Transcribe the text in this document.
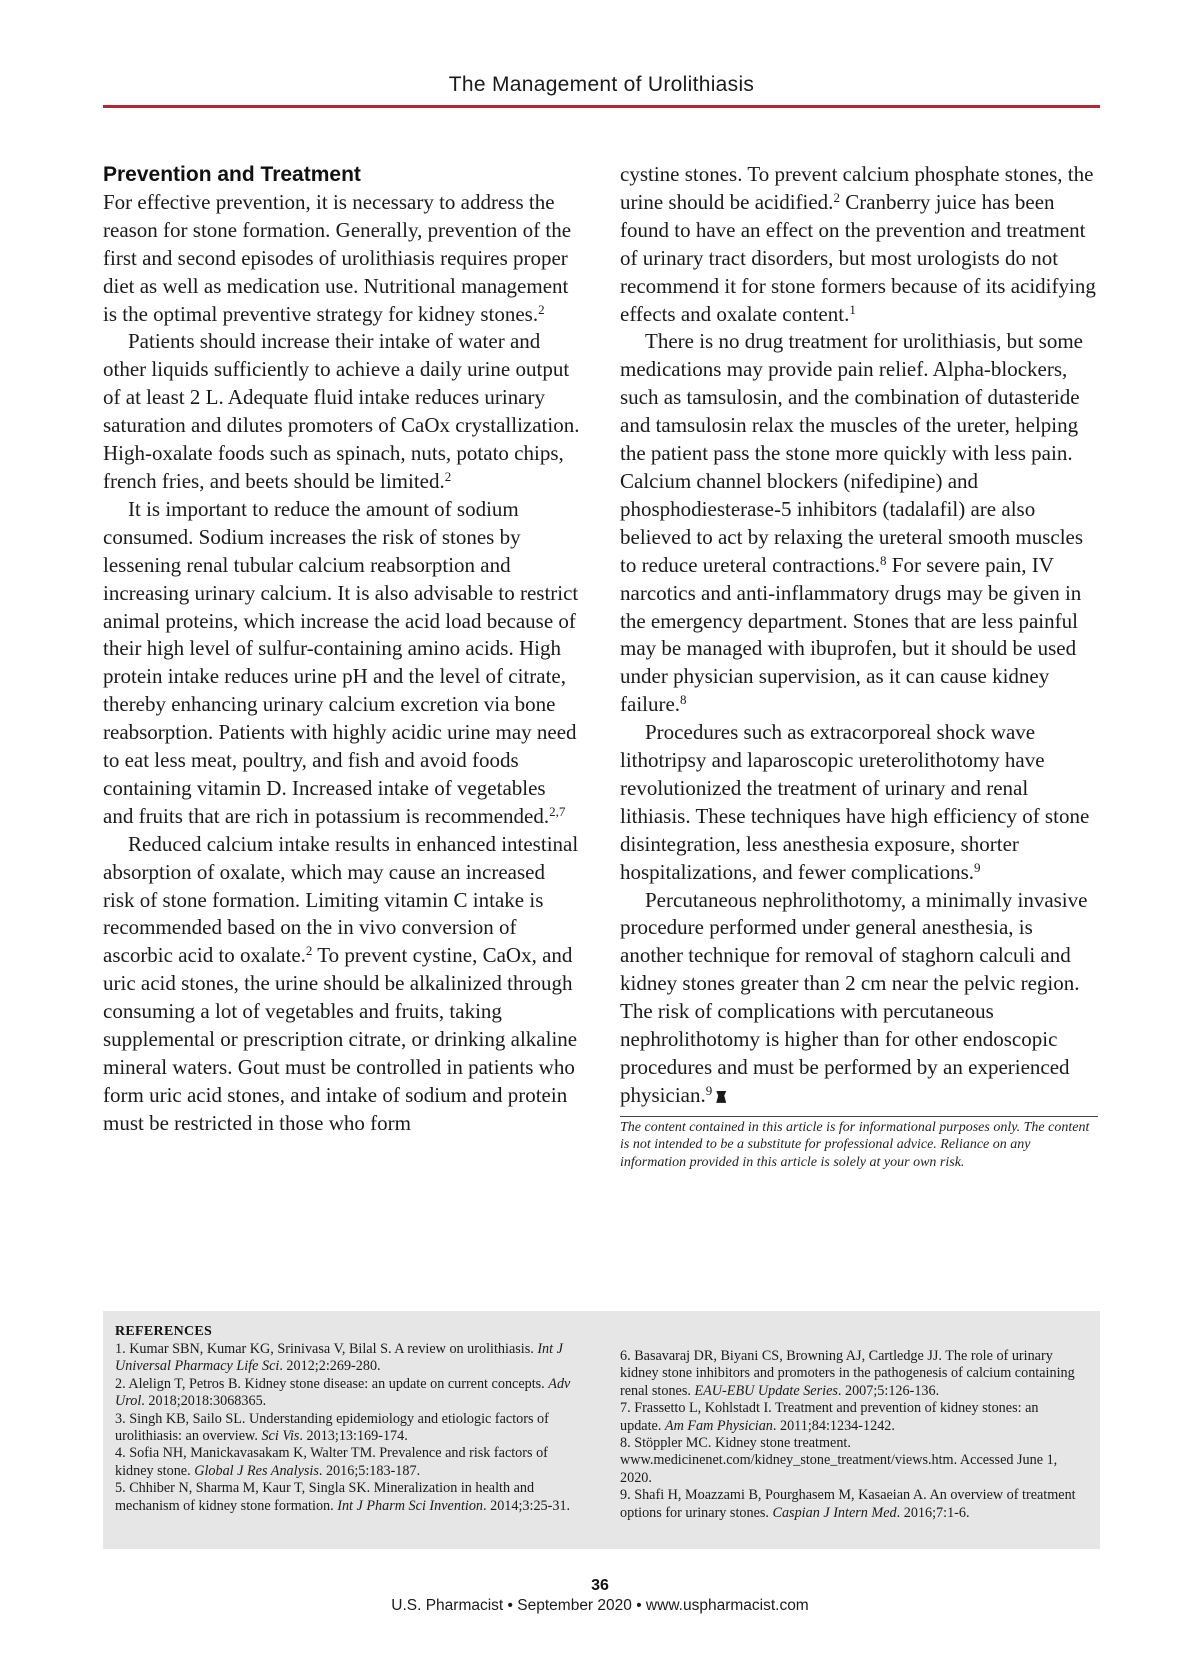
The Management of Urolithiasis
Prevention and Treatment

For effective prevention, it is necessary to address the reason for stone formation. Generally, prevention of the first and second episodes of urolithiasis requires proper diet as well as medication use. Nutritional management is the optimal preventive strategy for kidney stones.$^2$

Patients should increase their intake of water and other liquids sufficiently to achieve a daily urine output of at least 2 L. Adequate fluid intake reduces urinary saturation and dilutes promoters of CaOx crystallization. High-oxalate foods such as spinach, nuts, potato chips, french fries, and beets should be limited.$^2$

It is important to reduce the amount of sodium consumed. Sodium increases the risk of stones by lessening renal tubular calcium reabsorption and increasing urinary calcium. It is also advisable to restrict animal proteins, which increase the acid load because of their high level of sulfur-containing amino acids. High protein intake reduces urine pH and the level of citrate, thereby enhancing urinary calcium excretion via bone reabsorption. Patients with highly acidic urine may need to eat less meat, poultry, and fish and avoid foods containing vitamin D. Increased intake of vegetables and fruits that are rich in potassium is recommended.$^{2,7}$

Reduced calcium intake results in enhanced intestinal absorption of oxalate, which may cause an increased risk of stone formation. Limiting vitamin C intake is recommended based on the in vivo conversion of ascorbic acid to oxalate.$^2$ To prevent cystine, CaOx, and uric acid stones, the urine should be alkalinized through consuming a lot of vegetables and fruits, taking supplemental or prescription citrate, or drinking alkaline mineral waters. Gout must be controlled in patients who form uric acid stones, and intake of sodium and protein must be restricted in those who form

cystine stones. To prevent calcium phosphate stones, the urine should be acidified.$^2$ Cranberry juice has been found to have an effect on the prevention and treatment of urinary tract disorders, but most urologists do not recommend it for stone formers because of its acidifying effects and oxalate content.$^1$

There is no drug treatment for urolithiasis, but some medications may provide pain relief. Alpha-blockers, such as tamsulosin, and the combination of dutasteride and tamsulosin relax the muscles of the ureter, helping the patient pass the stone more quickly with less pain. Calcium channel blockers (nifedipine) and phosphodiesterase-5 inhibitors (tadalafil) are also believed to act by relaxing the ureteral smooth muscles to reduce ureteral contractions.$^8$ For severe pain, IV narcotics and anti-inflammatory drugs may be given in the emergency department. Stones that are less painful may be managed with ibuprofen, but it should be used under physician supervision, as it can cause kidney failure.$^8$

Procedures such as extracorporeal shock wave lithotripsy and laparoscopic ureterolithotomy have revolutionized the treatment of urinary and renal lithiasis. These techniques have high efficiency of stone disintegration, less anesthesia exposure, shorter hospitalizations, and fewer complications.$^9$

Percutaneous nephrolithotomy, a minimally invasive procedure performed under general anesthesia, is another technique for removal of staghorn calculi and kidney stones greater than 2 cm near the pelvic region. The risk of complications with percutaneous nephrolithotomy is higher than for other endoscopic procedures and must be performed by an experienced physician.$^9$

The content contained in this article is for informational purposes only. The content is not intended to be a substitute for professional advice. Reliance on any information provided in this article is solely at your own risk.
REFERENCES

1. Kumar SBN, Kumar KG, Srinivasa V, Bilal S. A review on urolithiasis. Int J Universal Pharmacy Life Sci. 2012;2:269-280.

2. Alelign T, Petros B. Kidney stone disease: an update on current concepts. Adv Urol. 2018;2018:3068365.

3. Singh KB, Sailo SL. Understanding epidemiology and etiologic factors of urolithiasis: an overview. Sci Vis. 2013;13:169-174.

4. Sofia NH, Manickavasakam K, Walter TM. Prevalence and risk factors of kidney stone. Global J Res Analysis. 2016;5:183-187.

5. Chhiber N, Sharma M, Kaur T, Singla SK. Mineralization in health and mechanism of kidney stone formation. Int J Pharm Sci Invention. 2014;3:25-31.

6. Basavaraj DR, Biyani CS, Browning AJ, Cartledge JJ. The role of urinary kidney stone inhibitors and promoters in the pathogenesis of calcium containing renal stones. EAU-EBU Update Series. 2007;5:126-136.

7. Frassetto L, Kohlstadt I. Treatment and prevention of kidney stones: an update. Am Fam Physician. 2011;84:1234-1242.

8. Stöppler MC. Kidney stone treatment. www.medicinenet.com/kidney_stone_treatment/views.htm. Accessed June 1, 2020.

9. Shafi H, Moazzami B, Pourghasem M, Kasaeian A. An overview of treatment options for urinary stones. Caspian J Intern Med. 2016;7:1-6.

36
U.S. Pharmacist • September 2020 • www.uspharmacist.com
